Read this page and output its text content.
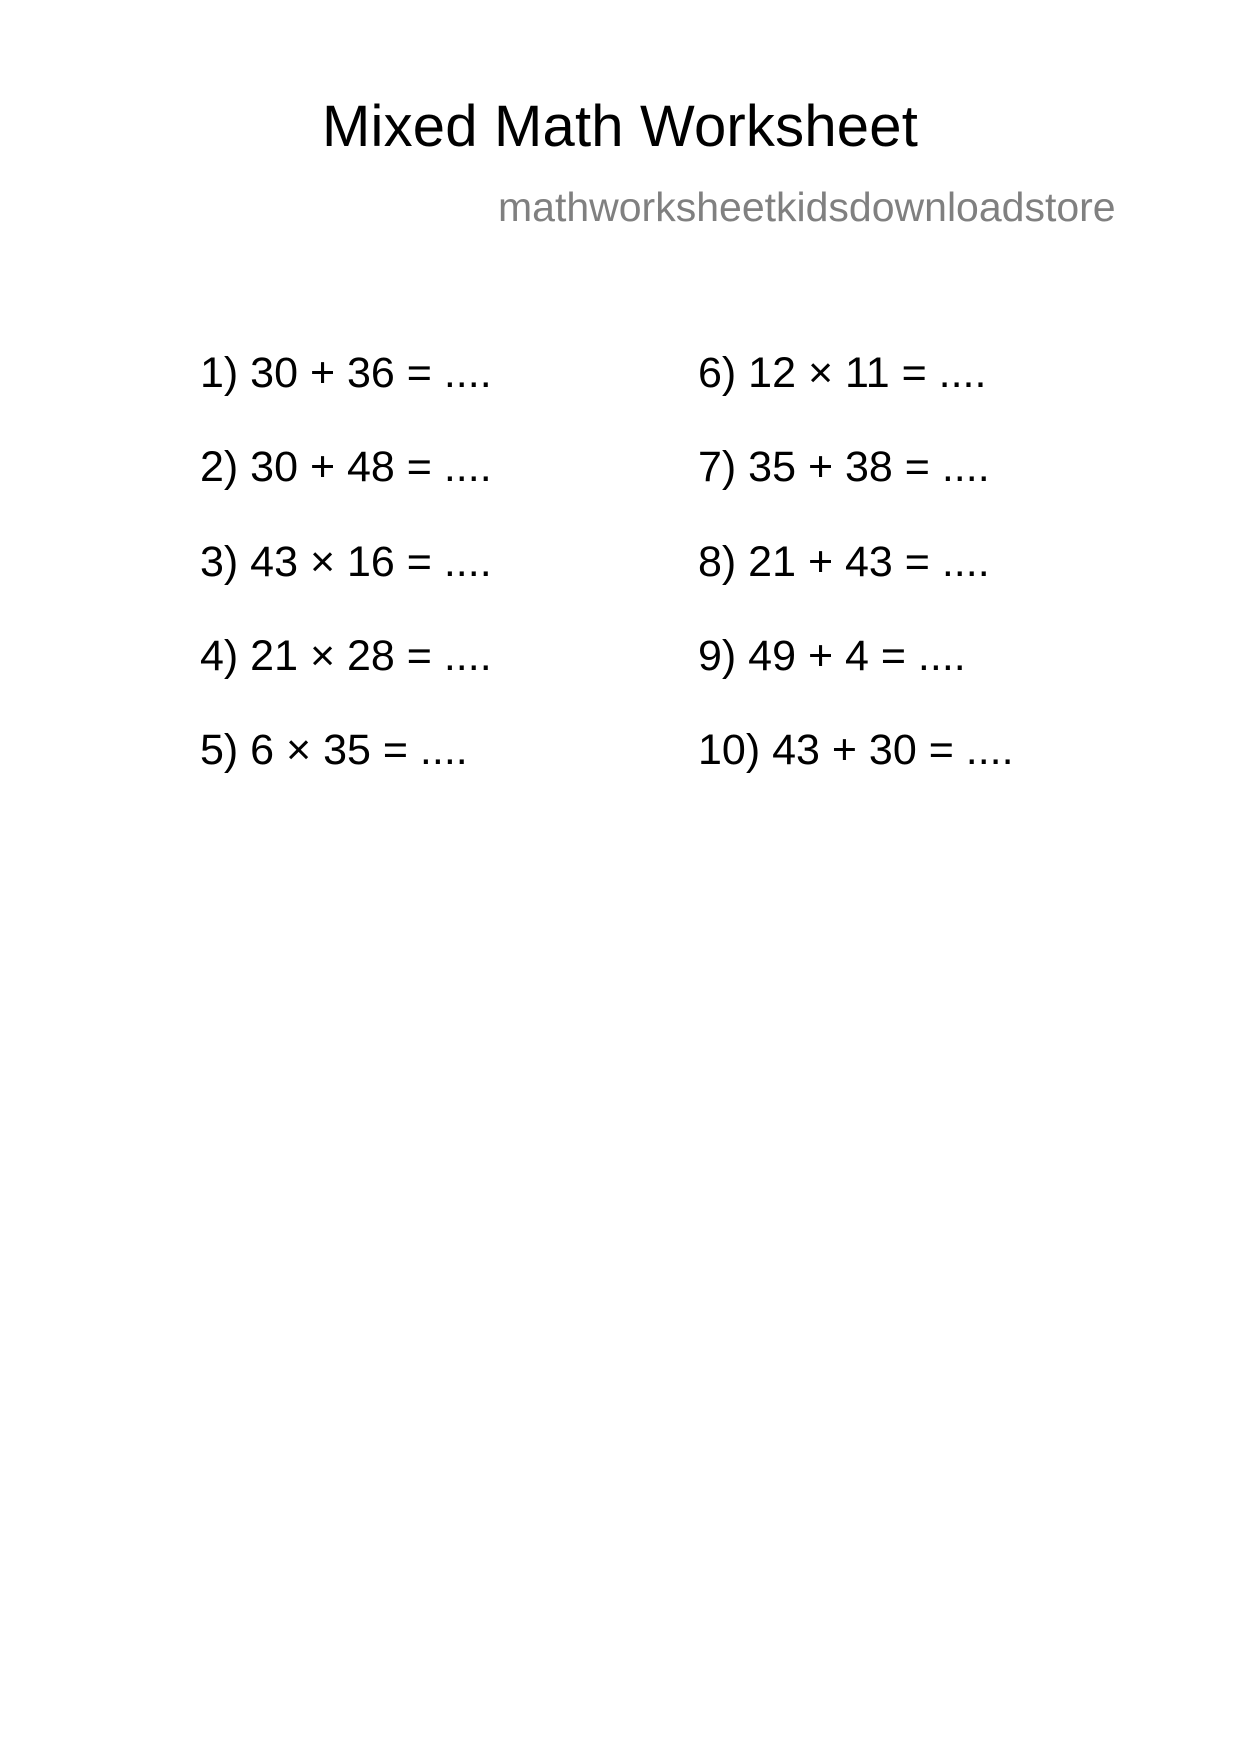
Mixed Math Worksheet
mathworksheetkidsdownloadstore
1) 30 + 36 = ....
2) 30 + 48 = ....
3) 43 × 16 = ....
4) 21 × 28 = ....
5) 6 × 35 = ....
6) 12 × 11 = ....
7) 35 + 38 = ....
8) 21 + 43 = ....
9) 49 + 4 = ....
10) 43 + 30 = ....
